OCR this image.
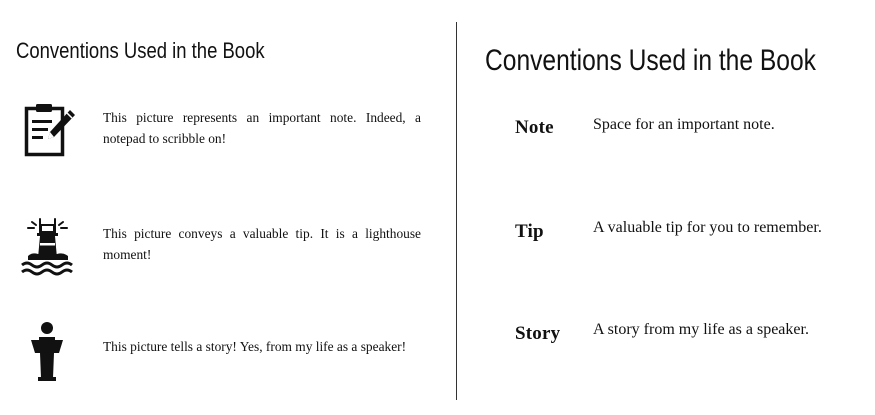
Conventions Used in the Book

This picture represents an important note. Indeed, a notepad to scribble on!

This picture conveys a valuable tip. It is a lighthouse moment!

This picture tells a story! Yes, from my life as a speaker!

Conventions Used in the Book

Note Space for an important note.

Tip	A valuable tip for you to remember.

Story A story from my life as a speaker.
